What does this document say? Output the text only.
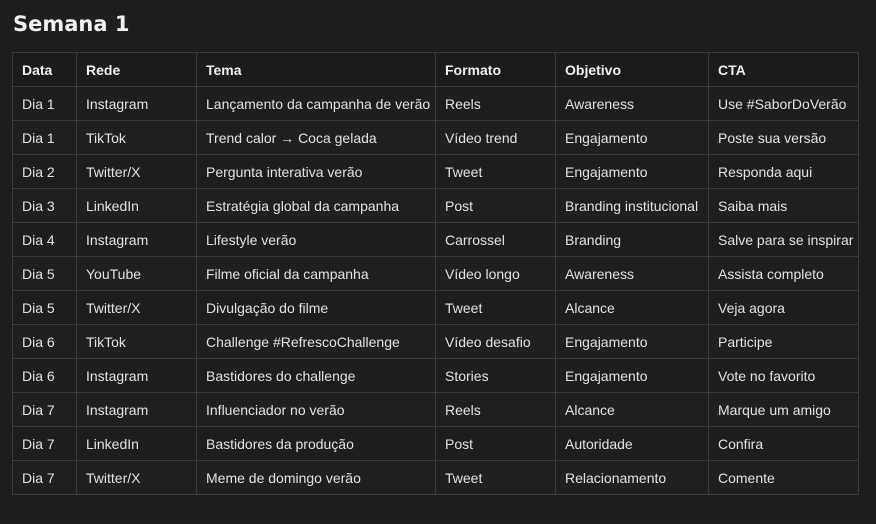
Semana 1
Data	Rede	Tema	Formato	Objetivo	CTA
Dia 1	Instagram	Lançamento da campanha de verão	Reels	Awareness	Use #SaborDoVerão
Dia 1	TikTok	Trend calor → Coca gelada	Vídeo trend	Engajamento	Poste sua versão
Dia 2	Twitter/X	Pergunta interativa verão	Tweet	Engajamento	Responda aqui
Dia 3	LinkedIn	Estratégia global da campanha	Post	Branding institucional	Saiba mais
Dia 4	Instagram	Lifestyle verão	Carrossel	Branding	Salve para se inspirar
Dia 5	YouTube	Filme oficial da campanha	Vídeo longo	Awareness	Assista completo
Dia 5	Twitter/X	Divulgação do filme	Tweet	Alcance	Veja agora
Dia 6	TikTok	Challenge #RefrescoChallenge	Vídeo desafio	Engajamento	Participe
Dia 6	Instagram	Bastidores do challenge	Stories	Engajamento	Vote no favorito
Dia 7	Instagram	Influenciador no verão	Reels	Alcance	Marque um amigo
Dia 7	LinkedIn	Bastidores da produção	Post	Autoridade	Confira
Dia 7	Twitter/X	Meme de domingo verão	Tweet	Relacionamento	Comente
